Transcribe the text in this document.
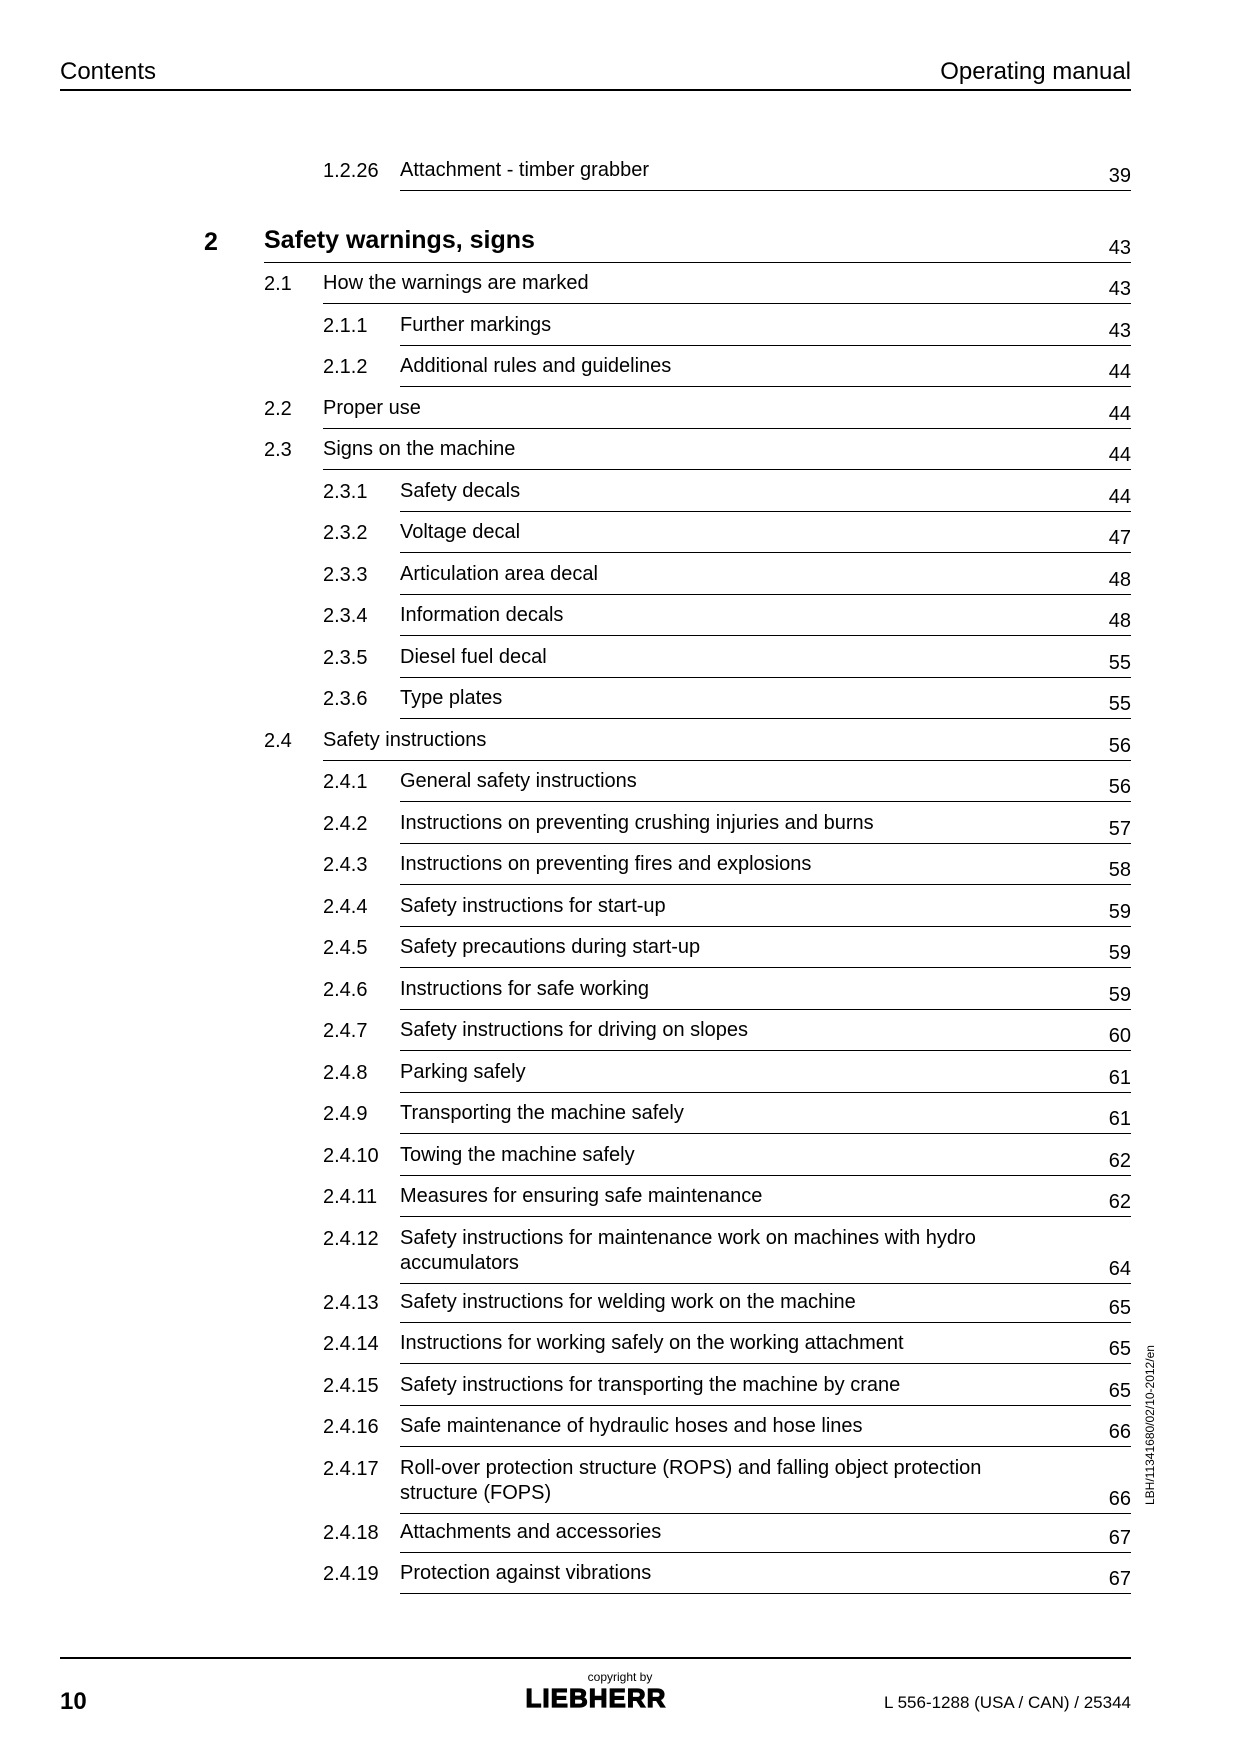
Contents	Operating manual
1.2.26 Attachment - timber grabber	39
2 Safety warnings, signs	43
2.1 How the warnings are marked	43
2.1.1 Further markings	43
2.1.2 Additional rules and guidelines	44
2.2 Proper use	44
2.3 Signs on the machine	44
2.3.1 Safety decals	44
2.3.2 Voltage decal	47
2.3.3 Articulation area decal	48
2.3.4 Information decals	48
2.3.5 Diesel fuel decal	55
2.3.6 Type plates	55
2.4 Safety instructions	56
2.4.1 General safety instructions	56
2.4.2 Instructions on preventing crushing injuries and burns	57
2.4.3 Instructions on preventing fires and explosions	58
2.4.4 Safety instructions for start-up	59
2.4.5 Safety precautions during start-up	59
2.4.6 Instructions for safe working	59
2.4.7 Safety instructions for driving on slopes	60
2.4.8 Parking safely	61
2.4.9 Transporting the machine safely	61
2.4.10 Towing the machine safely	62
2.4.11 Measures for ensuring safe maintenance	62
2.4.12 Safety instructions for maintenance work on machines with hydro accumulators	64
2.4.13 Safety instructions for welding work on the machine	65
2.4.14 Instructions for working safely on the working attachment	65
2.4.15 Safety instructions for transporting the machine by crane	65
2.4.16 Safe maintenance of hydraulic hoses and hose lines	66
2.4.17 Roll-over protection structure (ROPS) and falling object protection structure (FOPS)	66
2.4.18 Attachments and accessories	67
2.4.19 Protection against vibrations	67
LBH/11341680/02/10-2012/en
10
copyright by
LIEBHERR	L 556-1288 (USA / CAN) / 25344
